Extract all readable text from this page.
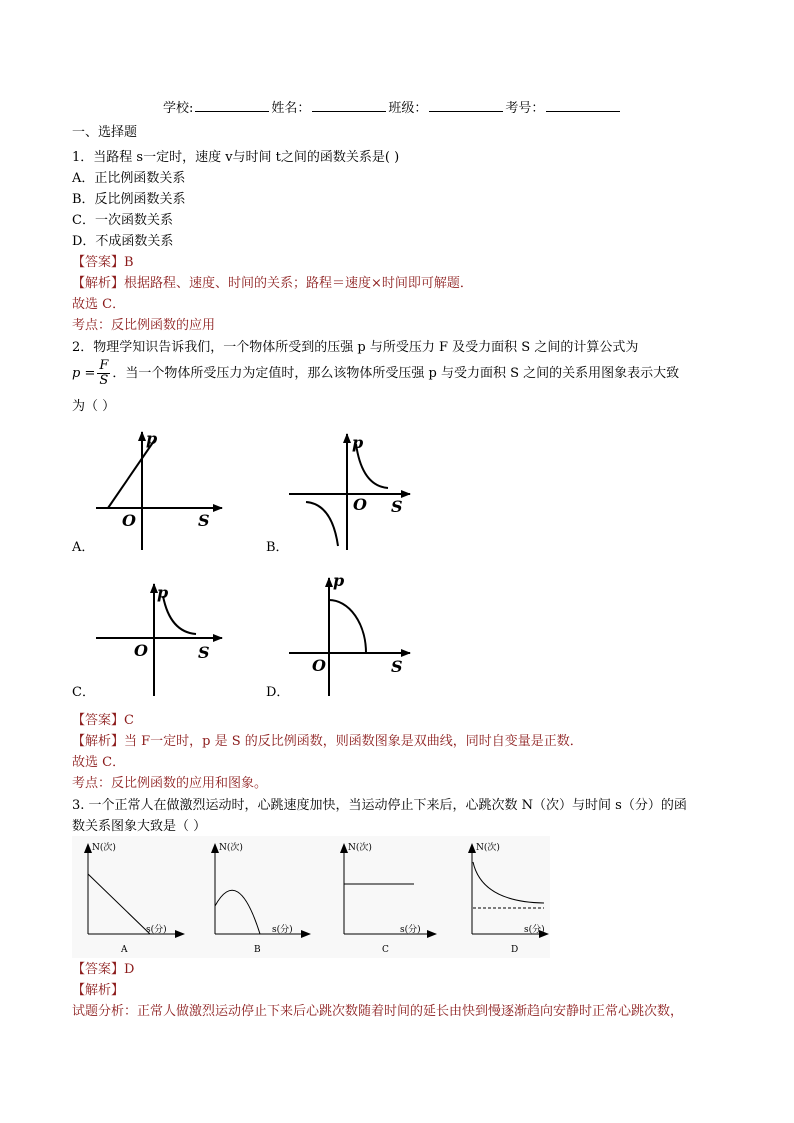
学校:	姓名：	班级：	考号：
一、选择题
1．当路程 s一定时，速度 v与时间 t之间的函数关系是( )
A．正比例函数关系
B．反比例函数关系
C．一次函数关系
D．不成函数关系
【答案】B
【解析】根据路程、速度、时间的关系；路程＝速度×时间即可解题．
故选 C．
考点：反比例函数的应用
2．物理学知识告诉我们，一个物体所受到的压强 p 与所受压力 F 及受力面积 S 之间的计算公式为
$p = \frac{F}{S}$ ．当一个物体所受压力为定值时，那么该物体所受压强 p 与受力面积 S 之间的关系用图象表示大致
为（ ）
p
O	S
p
O S
p
O	S
p
O	S
A．	B．
C．	D．
【答案】C
【解析】当 F一定时，p 是 S 的反比例函数，则函数图象是双曲线，同时自变量是正数．
故选 C．
考点：反比例函数的应用和图象。
3. 一个正常人在做激烈运动时，心跳速度加快，当运动停止下来后，心跳次数 N（次）与时间 s（分）的函
数关系图象大致是（ ）
N(次)
s(分)
A
N(次)
s(分)
B
N(次)
s(分)
C
N(次)
s(分)
D
【答案】D
【解析】
试题分析：正常人做激烈运动停止下来后心跳次数随着时间的延长由快到慢逐渐趋向安静时正常心跳次数，
